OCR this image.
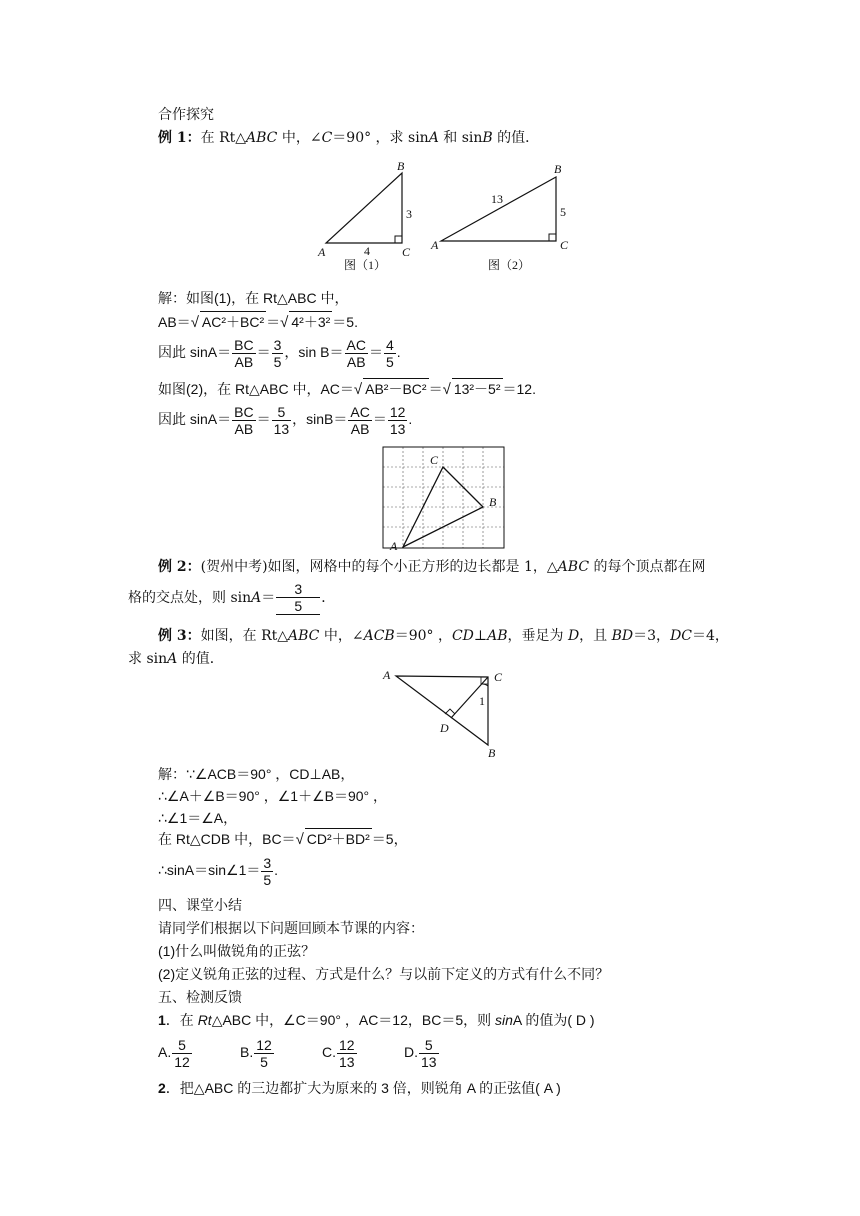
合作探究
例 1：在 Rt△ABC 中，∠C＝90° ，求 sinA 和 sinB 的值．
B
A	C
3
4
图（1）
B
A	C
13
5
图（2）
解：如图(1)，在 Rt△ABC 中，
AB＝√ AC²＋BC² ＝√ 4²＋3² ＝5.
因此 $\sin A= \frac{BC}{AB} = \frac{3}{5}$ ，$\sin B= \frac{AC}{AB} = \frac{4}{5}$ .
如图(2)，在 Rt△ABC 中，AC＝√ AB²－BC² ＝√ 13²－5² ＝12.
因此 $\sin A= \frac{BC}{AB} = \frac{5}{13}$ ，$\sin B= \frac{AC}{AB} = \frac{12}{13}$ .
C
B
A
例 2：(贺州中考)如图，网格中的每个小正方形的边长都是 1，△ABC 的每个顶点都在网
格的交点处，则 $\sin A= \frac{3}{5}$ ．
例 3：如图，在 Rt△ABC 中，∠ACB＝90° ，CD⊥AB，垂足为 D，且 BD＝3，DC＝4，
求 sinA 的值．
A	C
D
B
1
解：∵∠ACB＝90° ，CD⊥AB，
∴∠A＋∠B＝90° ，∠1＋∠B＝90° ，
∴∠1＝∠A，
在 Rt△CDB 中，BC＝√ CD²＋BD² ＝5，
∴sinA＝sin∠1＝ $\frac{3}{5}$ .
四、课堂小结
请同学们根据以下问题回顾本节课的内容：
(1)什么叫做锐角的正弦？
(2)定义锐角正弦的过程、方式是什么？与以前下定义的方式有什么不同？
五、检测反馈
1．在 Rt△ABC 中，∠C＝90° ，AC＝12，BC＝5，则 sinA 的值为( D )
A. $\frac{5}{12}$	B. $\frac{12}{5}$	C. $\frac{12}{13}$	D. $\frac{5}{13}$
2．把△ABC 的三边都扩大为原来的 3 倍，则锐角 A 的正弦值( A )
